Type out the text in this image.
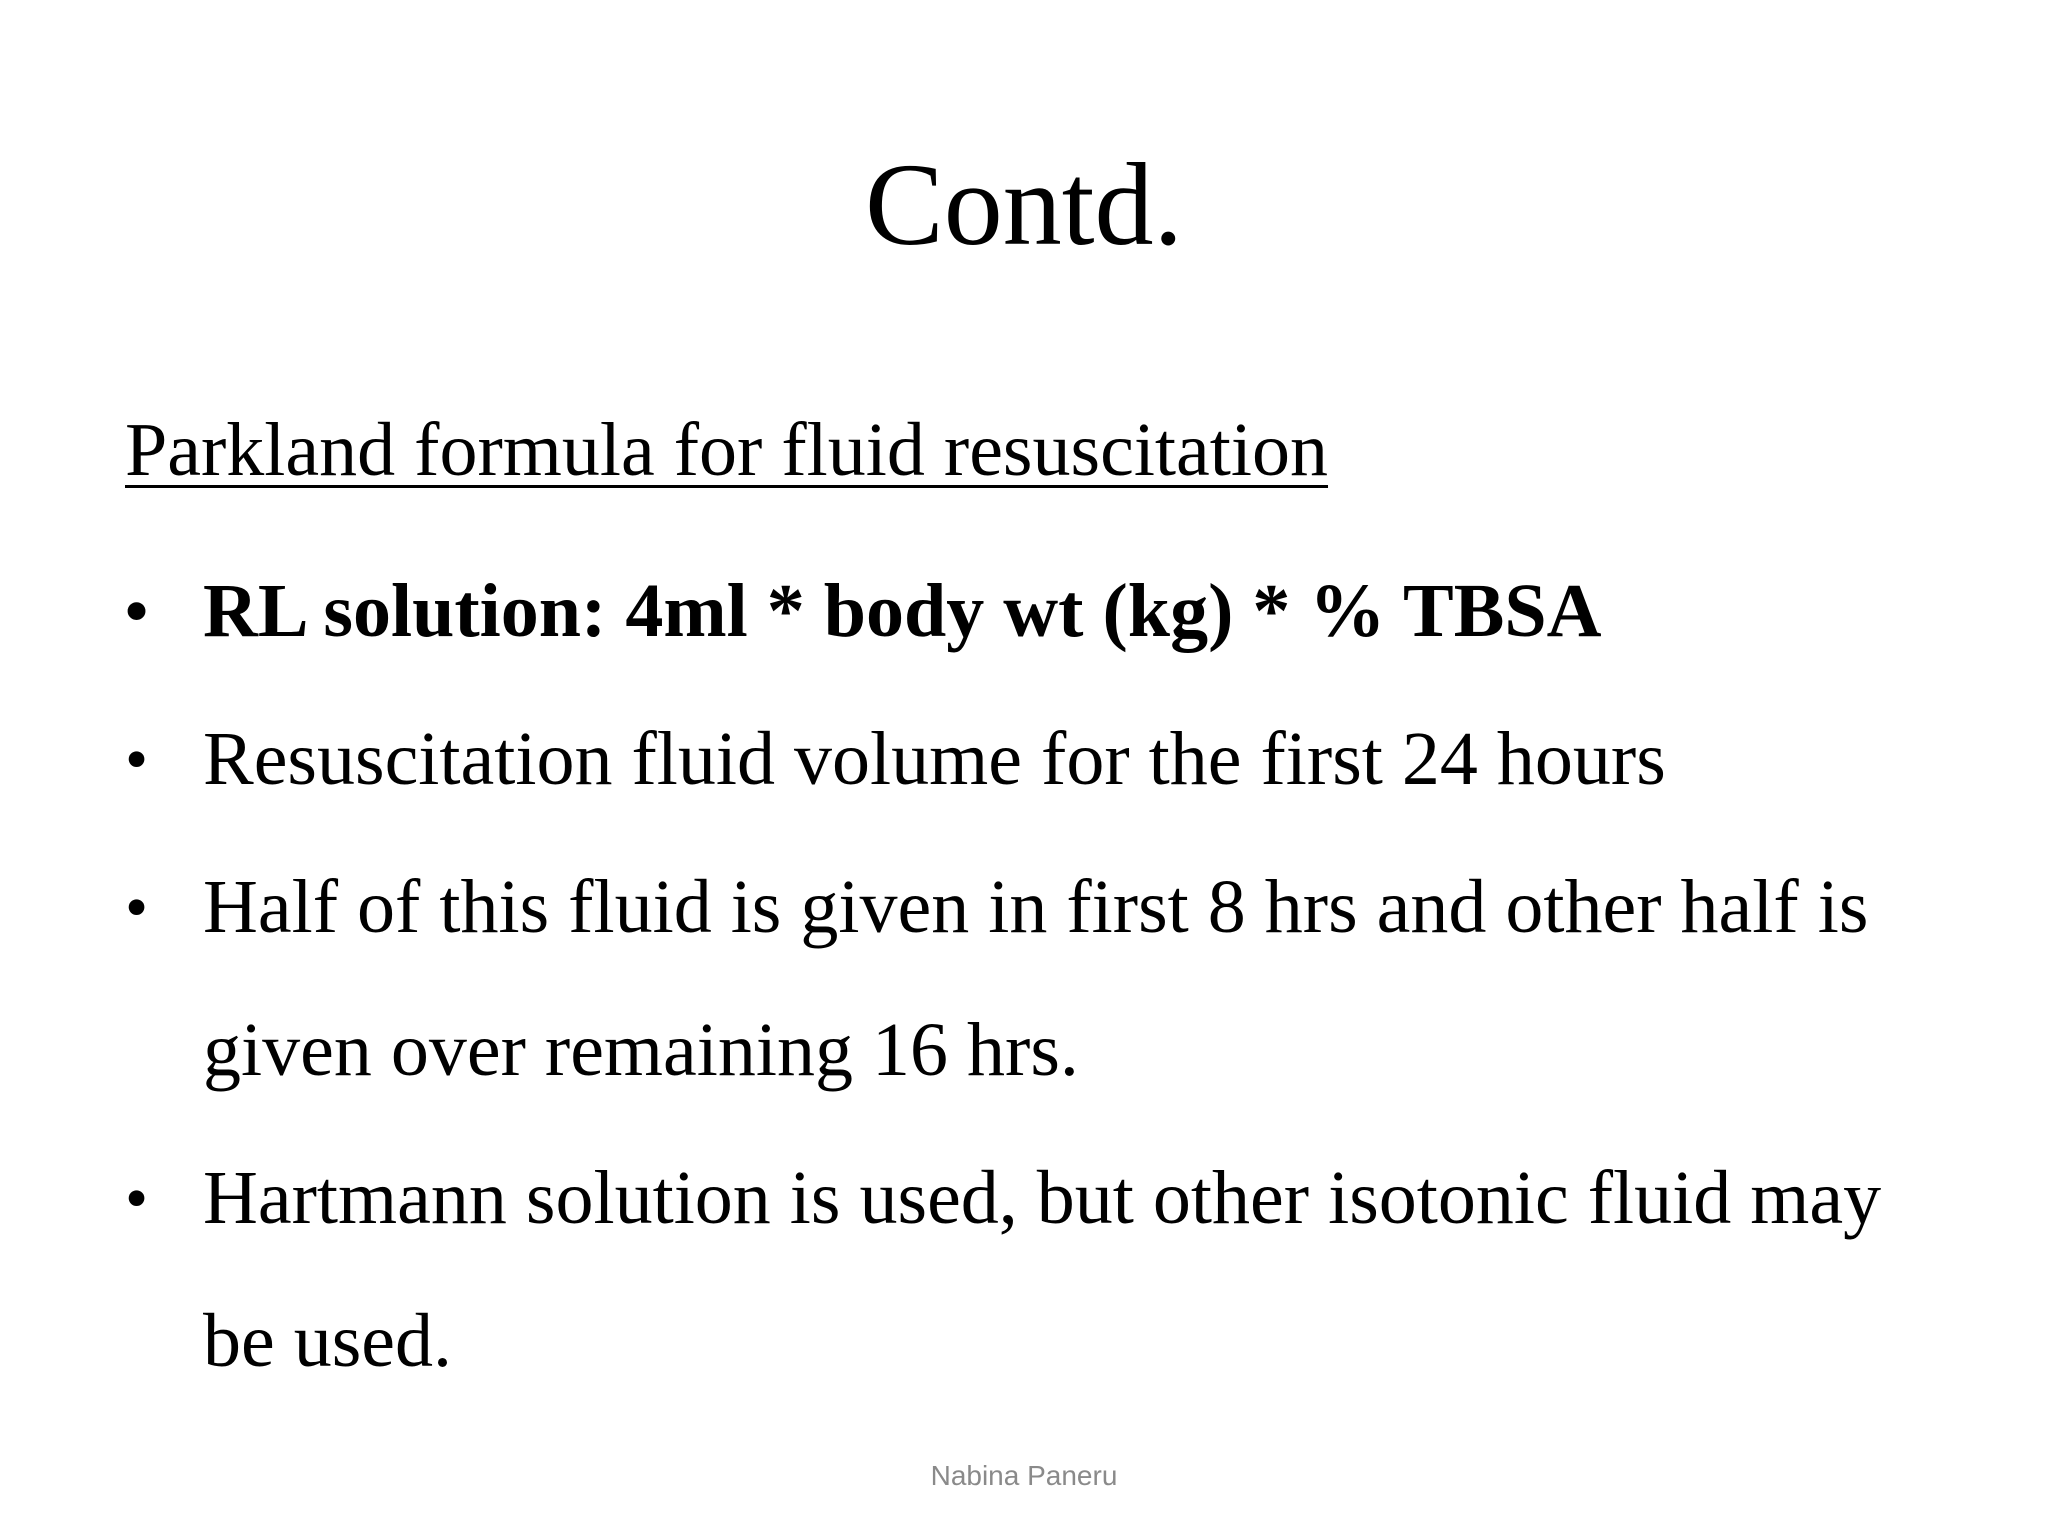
Contd.

Parkland formula for fluid resuscitation

• RL solution: 4ml * body wt (kg) * % TBSA
• Resuscitation fluid volume for the first 24 hours
• Half of this fluid is given in first 8 hrs and other half is given over remaining 16 hrs.
• Hartmann solution is used, but other isotonic fluid may be used.
Nabina Paneru
